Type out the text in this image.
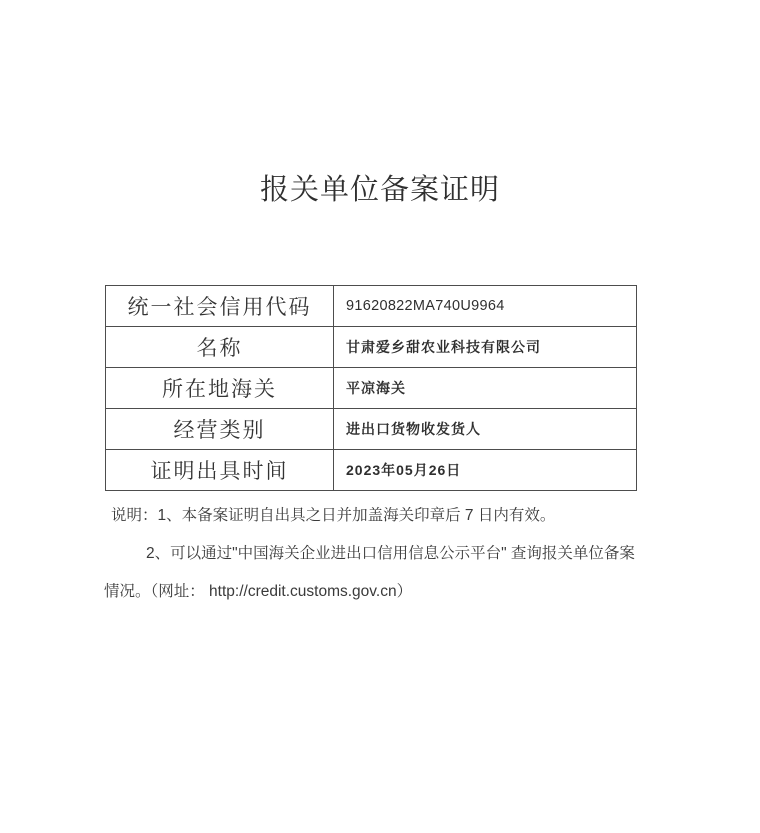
报关单位备案证明
统一社会信用代码	91620822MA740U9964
名称	甘肃爱乡甜农业科技有限公司
所在地海关	平凉海关
经营类别	进出口货物收发货人
证明出具时间	2023年05月26日
说明：1、本备案证明自出具之日并加盖海关印章后 7 日内有效。
2、可以通过"中国海关企业进出口信用信息公示平台" 查询报关单位备案
情况。（网址： http://credit.customs.gov.cn）
